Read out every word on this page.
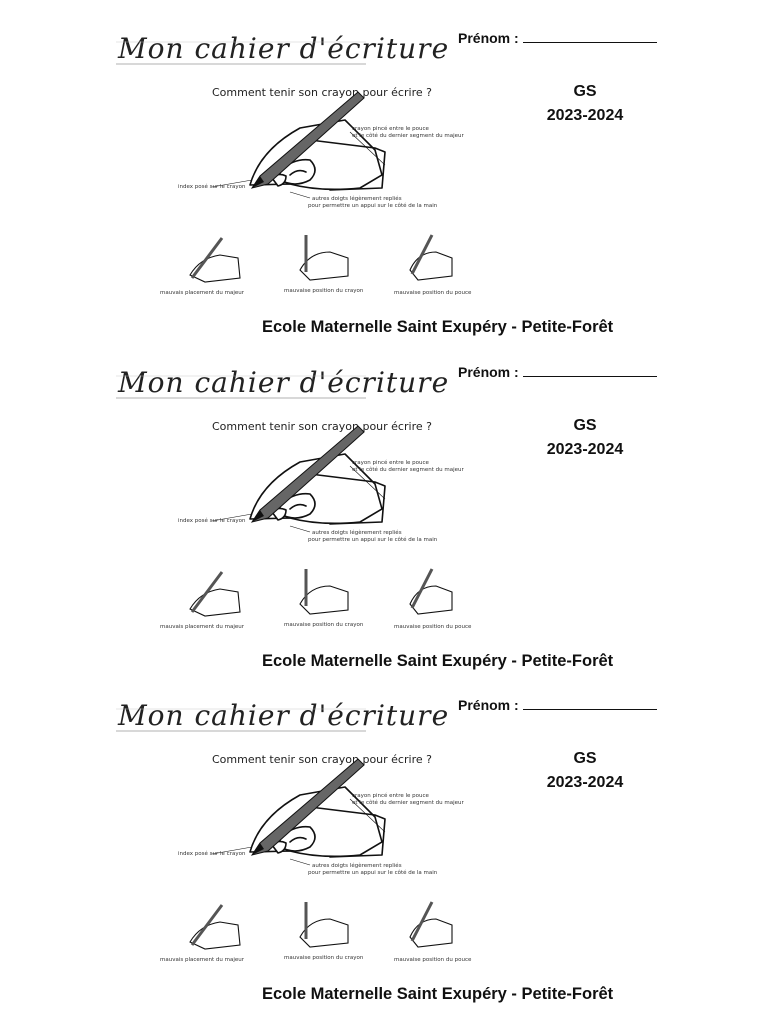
Mon cahier d'écriture Prénom :
GS
2023-2024
Comment tenir son crayon pour écrire ?
crayon pincé entre le pouce
et le côté du dernier segment du majeur
index posé sur le crayon
autres doigts légèrement repliés
pour permettre un appui sur le côté de la main
mauvais placement du majeur	mauvaise position du crayon	mauvaise position du pouce
Ecole Maternelle Saint Exupéry - Petite-Forêt
Mon cahier d'écriture Prénom :
GS
2023-2024
Comment tenir son crayon pour écrire ?
crayon pincé entre le pouce
et le côté du dernier segment du majeur
index posé sur le crayon
autres doigts légèrement repliés
pour permettre un appui sur le côté de la main
mauvais placement du majeur	mauvaise position du crayon	mauvaise position du pouce
Ecole Maternelle Saint Exupéry - Petite-Forêt
Mon cahier d'écriture Prénom :
GS
2023-2024
Comment tenir son crayon pour écrire ?
crayon pincé entre le pouce
et le côté du dernier segment du majeur
index posé sur le crayon
autres doigts légèrement repliés
pour permettre un appui sur le côté de la main
mauvais placement du majeur	mauvaise position du crayon	mauvaise position du pouce
Ecole Maternelle Saint Exupéry - Petite-Forêt
